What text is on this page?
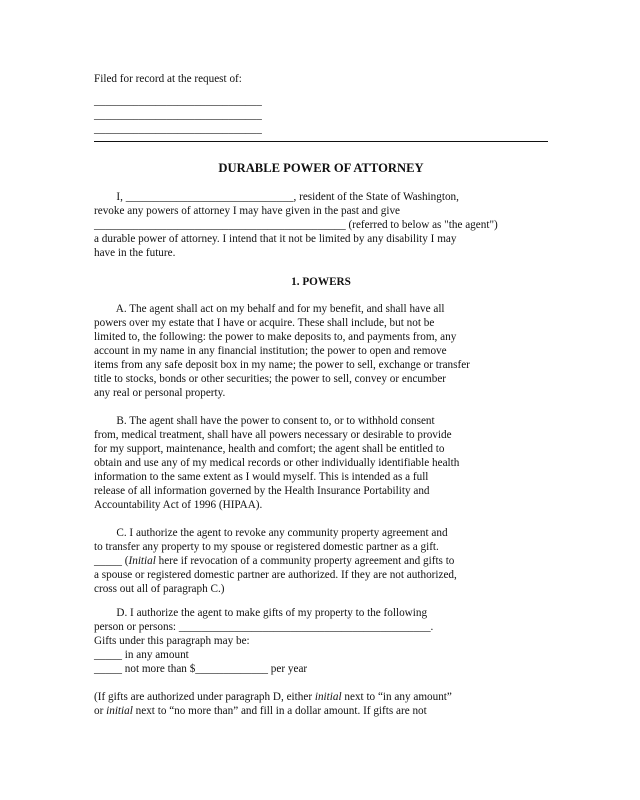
Filed for record at the request of:
______________________________
______________________________
______________________________
DURABLE POWER OF ATTORNEY
I, ______________________________, resident of the State of Washington,
revoke any powers of attorney I may have given in the past and give
_____________________________________________ (referred to below as "the agent")
a durable power of attorney. I intend that it not be limited by any disability I may
have in the future.
1. POWERS
A. The agent shall act on my behalf and for my benefit, and shall have all
powers over my estate that I have or acquire. These shall include, but not be
limited to, the following: the power to make deposits to, and payments from, any
account in my name in any financial institution; the power to open and remove
items from any safe deposit box in my name; the power to sell, exchange or transfer
title to stocks, bonds or other securities; the power to sell, convey or encumber
any real or personal property.
B. The agent shall have the power to consent to, or to withhold consent
from, medical treatment, shall have all powers necessary or desirable to provide
for my support, maintenance, health and comfort; the agent shall be entitled to
obtain and use any of my medical records or other individually identifiable health
information to the same extent as I would myself. This is intended as a full
release of all information governed by the Health Insurance Portability and
Accountability Act of 1996 (HIPAA).
C. I authorize the agent to revoke any community property agreement and
to transfer any property to my spouse or registered domestic partner as a gift.
_____ (Initial here if revocation of a community property agreement and gifts to
a spouse or registered domestic partner are authorized. If they are not authorized,
cross out all of paragraph C.)
D. I authorize the agent to make gifts of my property to the following
person or persons: _____________________________________________.
Gifts under this paragraph may be:
_____ in any amount
_____ not more than $_____________ per year
(If gifts are authorized under paragraph D, either initial next to “in any amount”
or initial next to “no more than” and fill in a dollar amount. If gifts are not
